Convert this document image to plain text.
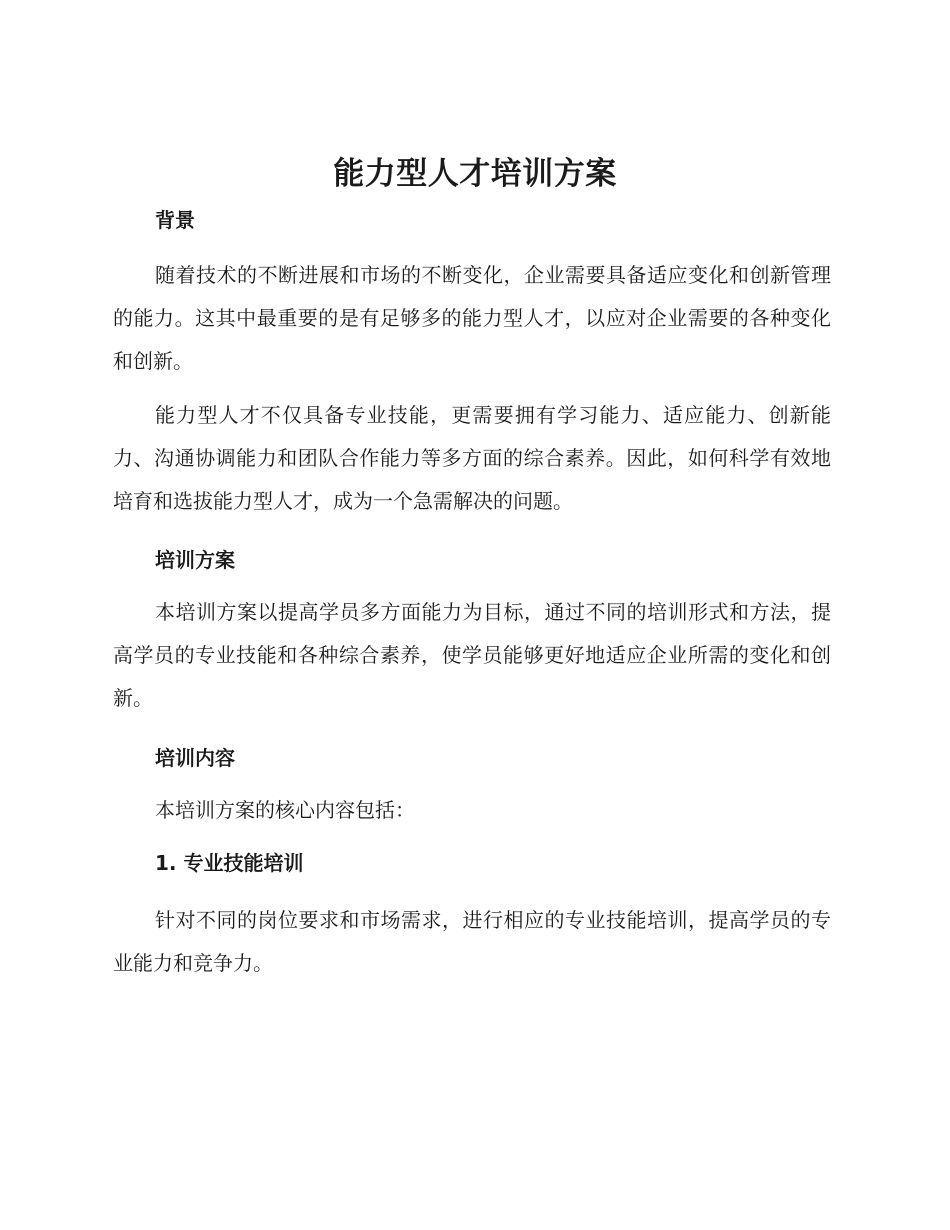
能力型人才培训方案

背景

随着技术的不断进展和市场的不断变化，企业需要具备适应变化和创新管理的能力。这其中最重要的是有足够多的能力型人才，以应对企业需要的各种变化和创新。

能力型人才不仅具备专业技能，更需要拥有学习能力、适应能力、创新能力、沟通协调能力和团队合作能力等多方面的综合素养。因此，如何科学有效地培育和选拔能力型人才，成为一个急需解决的问题。

培训方案

本培训方案以提高学员多方面能力为目标，通过不同的培训形式和方法，提高学员的专业技能和各种综合素养，使学员能够更好地适应企业所需的变化和创新。

培训内容

本培训方案的核心内容包括：

1. 专业技能培训

针对不同的岗位要求和市场需求，进行相应的专业技能培训，提高学员的专业能力和竞争力。
